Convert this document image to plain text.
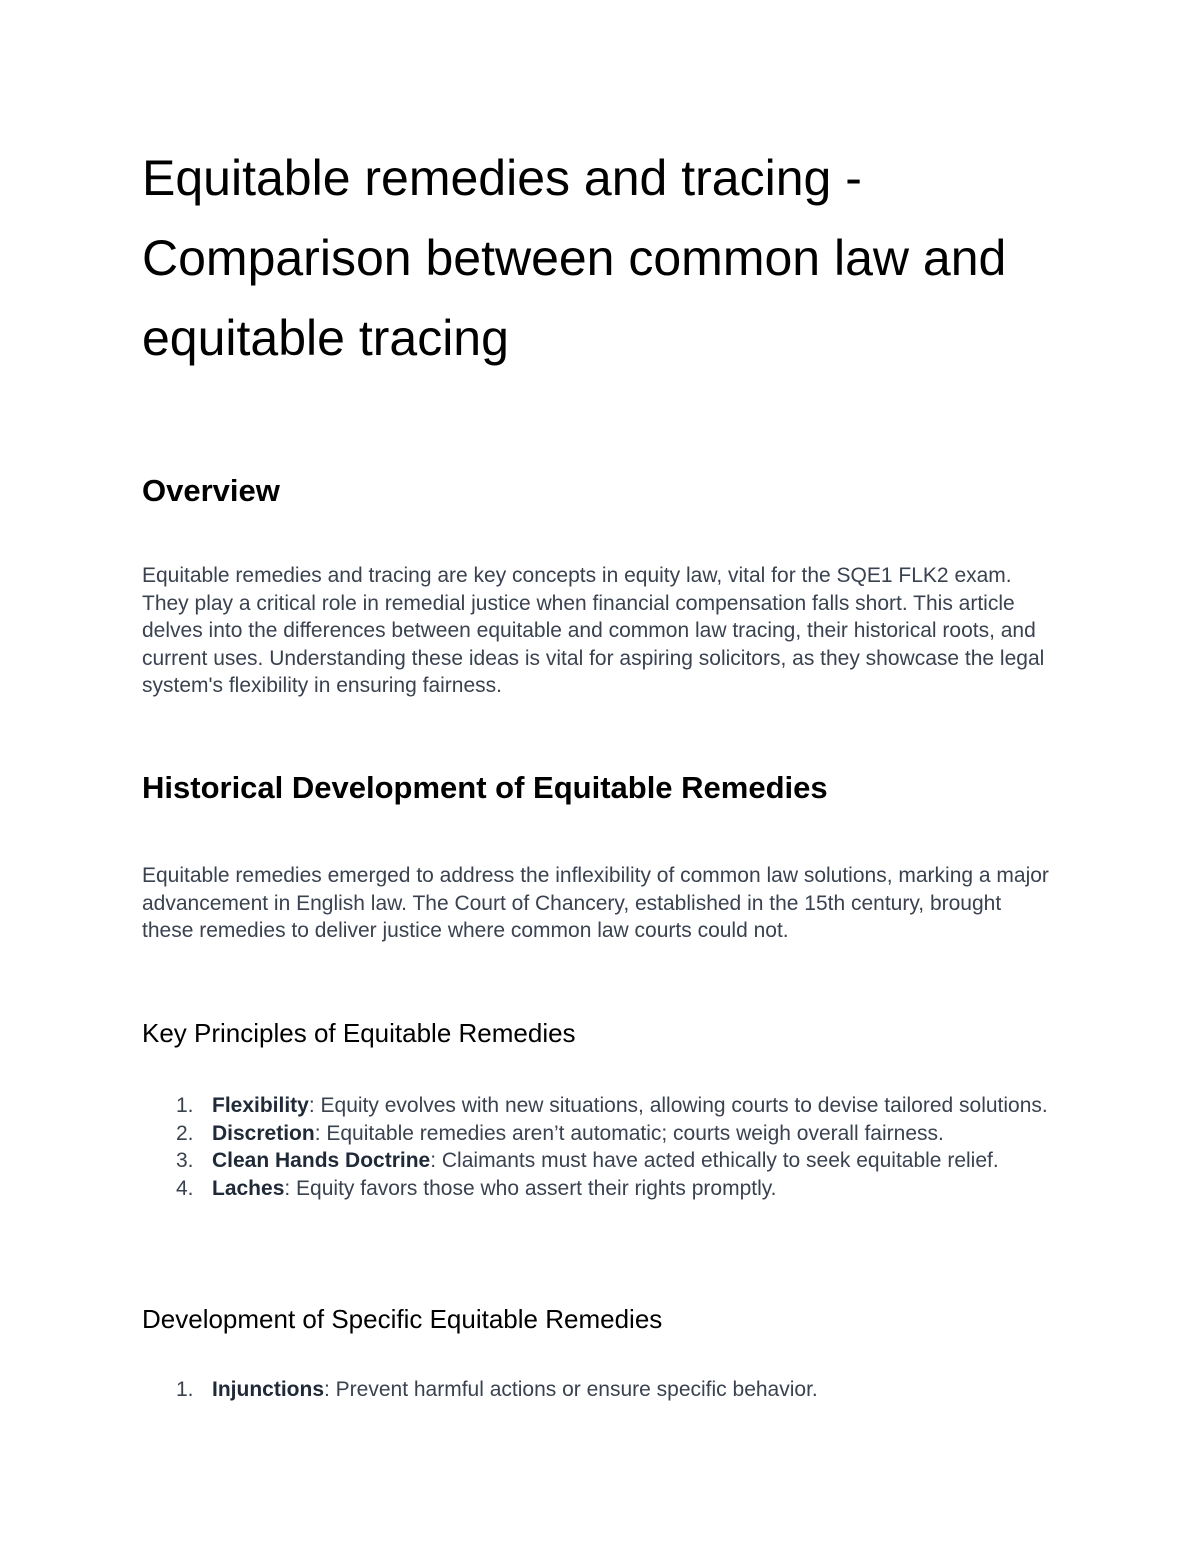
Equitable remedies and tracing -
Comparison between common law and
equitable tracing
Overview

Equitable remedies and tracing are key concepts in equity law, vital for the SQE1 FLK2 exam. They play a critical role in remedial justice when financial compensation falls short. This article delves into the differences between equitable and common law tracing, their historical roots, and current uses. Understanding these ideas is vital for aspiring solicitors, as they showcase the legal system's flexibility in ensuring fairness.

Historical Development of Equitable Remedies

Equitable remedies emerged to address the inflexibility of common law solutions, marking a major advancement in English law. The Court of Chancery, established in the 15th century, brought these remedies to deliver justice where common law courts could not.

Key Principles of Equitable Remedies
1. Flexibility: Equity evolves with new situations, allowing courts to devise tailored solutions.
2. Discretion: Equitable remedies aren’t automatic; courts weigh overall fairness.
3. Clean Hands Doctrine: Claimants must have acted ethically to seek equitable relief.
4. Laches: Equity favors those who assert their rights promptly.
Development of Specific Equitable Remedies
1. Injunctions: Prevent harmful actions or ensure specific behavior.
